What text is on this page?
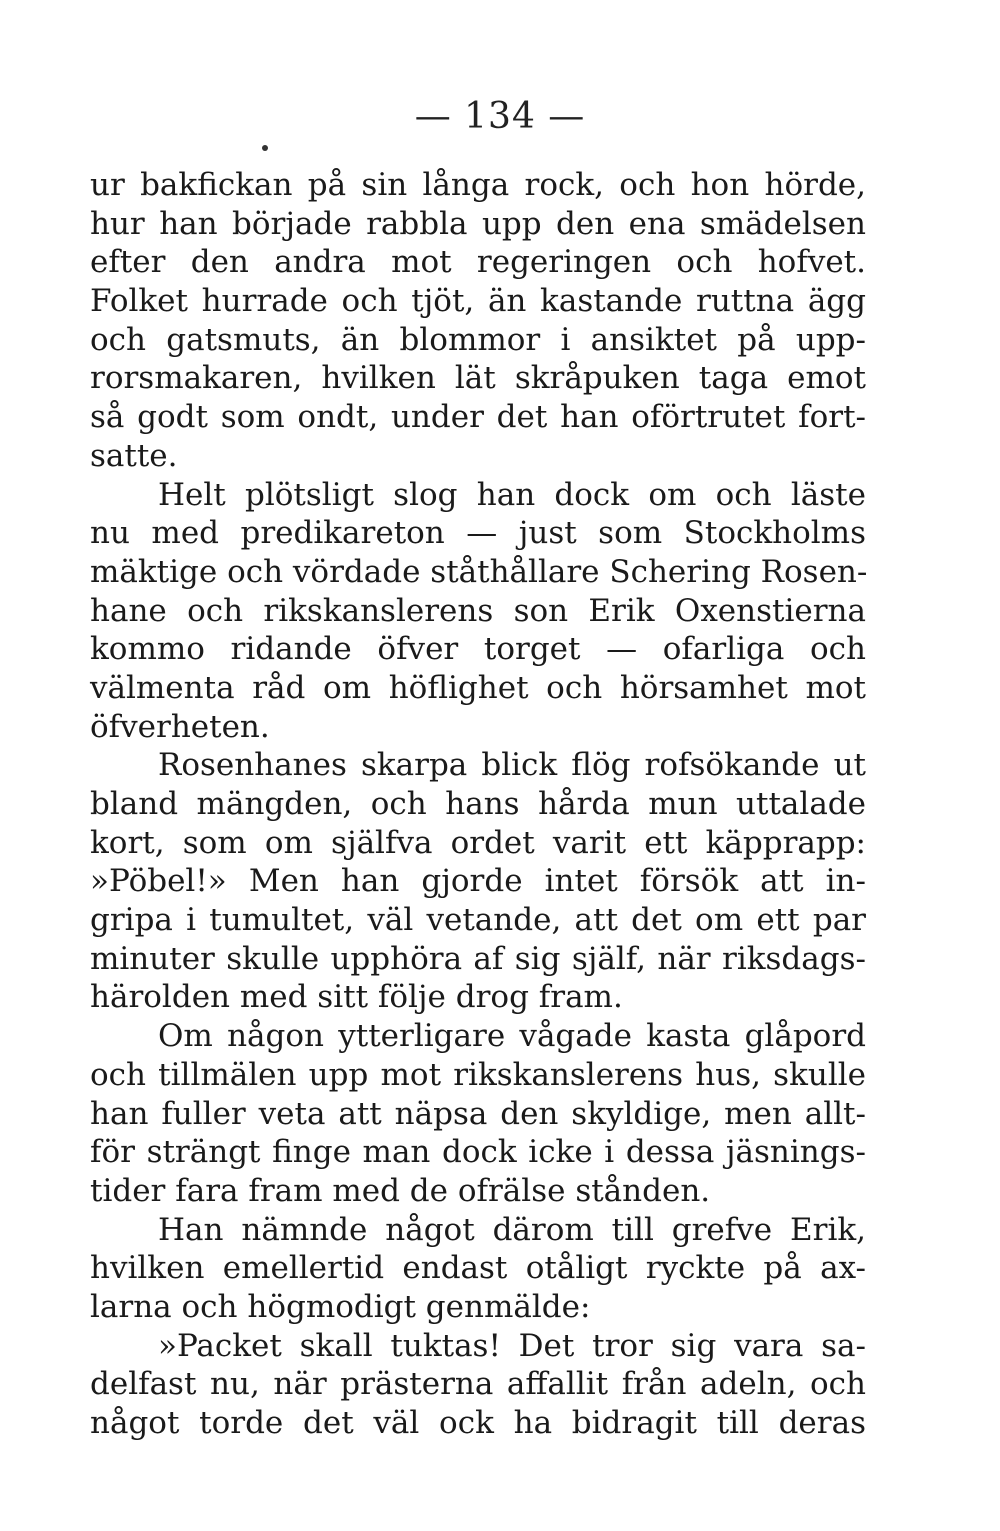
— 134 —
ur bakfickan på sin långa rock, och hon hörde,
hur han började rabbla upp den ena smädelsen
efter den andra mot regeringen och hofvet.
Folket hurrade och tjöt, än kastande ruttna ägg
och gatsmuts, än blommor i ansiktet på upp-
rorsmakaren, hvilken lät skråpuken taga emot
så godt som ondt, under det han oförtrutet fort-
satte.
Helt plötsligt slog han dock om och läste
nu med predikareton — just som Stockholms
mäktige och vördade ståthållare Schering Rosen-
hane och rikskanslerens son Erik Oxenstierna
kommo ridande öfver torget — ofarliga och
välmenta råd om höflighet och hörsamhet mot
öfverheten.
Rosenhanes skarpa blick flög rofsökande ut
bland mängden, och hans hårda mun uttalade
kort, som om själfva ordet varit ett käpprapp:
»Pöbel!» Men han gjorde intet försök att in-
gripa i tumultet, väl vetande, att det om ett par
minuter skulle upphöra af sig själf, när riksdags-
härolden med sitt följe drog fram.
Om någon ytterligare vågade kasta glåpord
och tillmälen upp mot rikskanslerens hus, skulle
han fuller veta att näpsa den skyldige, men allt-
för strängt finge man dock icke i dessa jäsnings-
tider fara fram med de ofrälse stånden.
Han nämnde något därom till grefve Erik,
hvilken emellertid endast otåligt ryckte på ax-
larna och högmodigt genmälde:
»Packet skall tuktas! Det tror sig vara sa-
delfast nu, när prästerna affallit från adeln, och
något torde det väl ock ha bidragit till deras
